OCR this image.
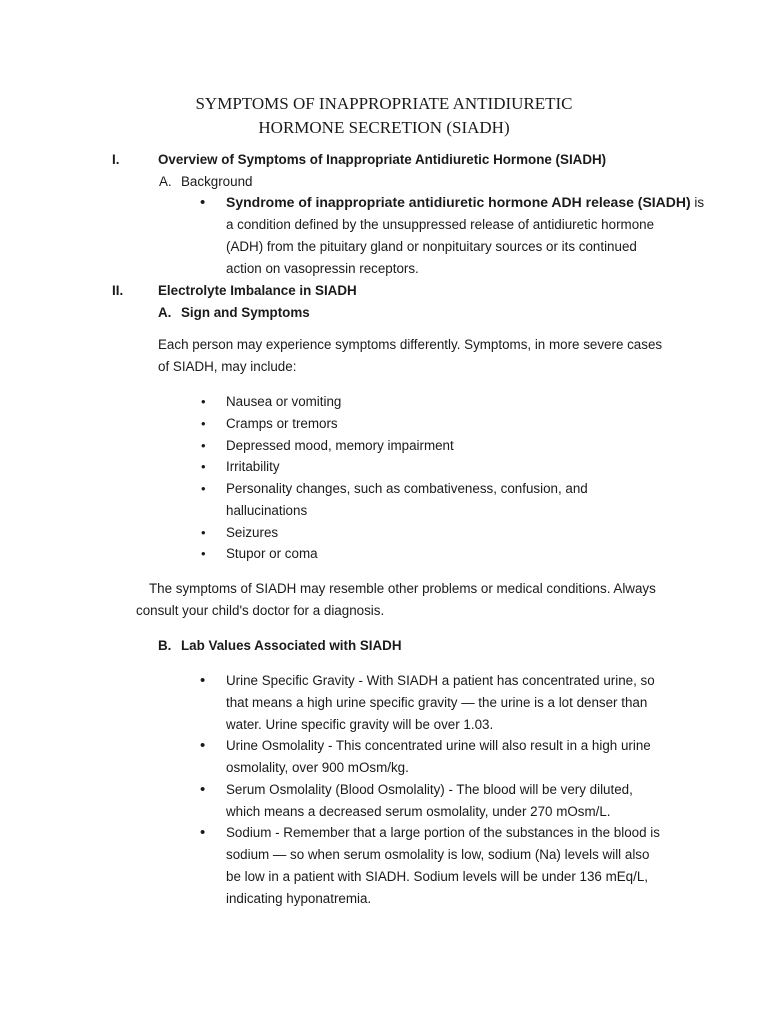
SYMPTOMS OF INAPPROPRIATE ANTIDIURETIC
HORMONE SECRETION (SIADH)
I.	Overview of Symptoms of Inappropriate Antidiuretic Hormone (SIADH)
A. Background
• Syndrome of inappropriate antidiuretic hormone ADH release (SIADH) is
a condition defined by the unsuppressed release of antidiuretic hormone
(ADH) from the pituitary gland or nonpituitary sources or its continued
action on vasopressin receptors.
II.	Electrolyte Imbalance in SIADH
A. Sign and Symptoms
Each person may experience symptoms differently. Symptoms, in more severe cases
of SIADH, may include:
• Nausea or vomiting
• Cramps or tremors
• Depressed mood, memory impairment
• Irritability
• Personality changes, such as combativeness, confusion, and
hallucinations
• Seizures
• Stupor or coma
The symptoms of SIADH may resemble other problems or medical conditions. Always
consult your child's doctor for a diagnosis.
B. Lab Values Associated with SIADH
• Urine Specific Gravity - With SIADH a patient has concentrated urine, so
that means a high urine specific gravity — the urine is a lot denser than
water. Urine specific gravity will be over 1.03.
• Urine Osmolality - This concentrated urine will also result in a high urine
osmolality, over 900 mOsm/kg.
• Serum Osmolality (Blood Osmolality) - The blood will be very diluted,
which means a decreased serum osmolality, under 270 mOsm/L.
• Sodium - Remember that a large portion of the substances in the blood is
sodium — so when serum osmolality is low, sodium (Na) levels will also
be low in a patient with SIADH. Sodium levels will be under 136 mEq/L,
indicating hyponatremia.
